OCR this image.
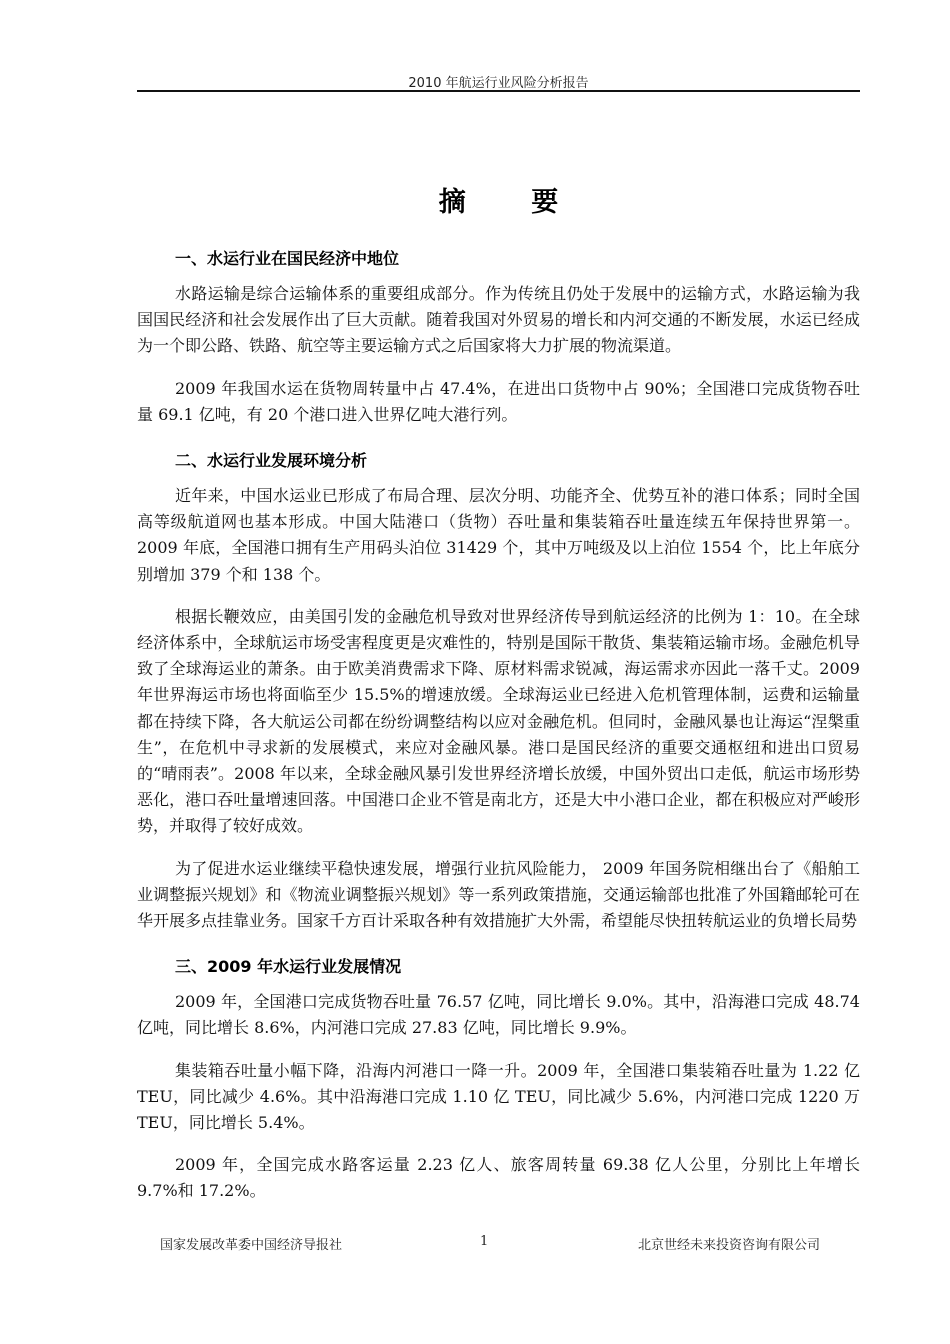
2010 年航运行业风险分析报告
摘 要
一、水运行业在国民经济中地位

水路运输是综合运输体系的重要组成部分。作为传统且仍处于发展中的运输方式，水路运输为我国国民经济和社会发展作出了巨大贡献。随着我国对外贸易的增长和内河交通的不断发展，水运已经成为一个即公路、铁路、航空等主要运输方式之后国家将大力扩展的物流渠道。

2009 年我国水运在货物周转量中占 47.4%，在进出口货物中占 90%；全国港口完成货物吞吐量 69.1 亿吨，有 20 个港口进入世界亿吨大港行列。

二、水运行业发展环境分析

近年来，中国水运业已形成了布局合理、层次分明、功能齐全、优势互补的港口体系；同时全国高等级航道网也基本形成。中国大陆港口（货物）吞吐量和集装箱吞吐量连续五年保持世界第一。2009 年底，全国港口拥有生产用码头泊位 31429 个，其中万吨级及以上泊位 1554 个，比上年底分别增加 379 个和 138 个。

根据长鞭效应，由美国引发的金融危机导致对世界经济传导到航运经济的比例为 1：10。在全球经济体系中，全球航运市场受害程度更是灾难性的，特别是国际干散货、集装箱运输市场。金融危机导致了全球海运业的萧条。由于欧美消费需求下降、原材料需求锐减，海运需求亦因此一落千丈。2009 年世界海运市场也将面临至少 15.5%的增速放缓。全球海运业已经进入危机管理体制，运费和运输量都在持续下降，各大航运公司都在纷纷调整结构以应对金融危机。但同时，金融风暴也让海运“涅槃重生”，在危机中寻求新的发展模式，来应对金融风暴。港口是国民经济的重要交通枢纽和进出口贸易的“晴雨表”。2008 年以来，全球金融风暴引发世界经济增长放缓，中国外贸出口走低，航运市场形势恶化，港口吞吐量增速回落。中国港口企业不管是南北方，还是大中小港口企业，都在积极应对严峻形势，并取得了较好成效。

为了促进水运业继续平稳快速发展，增强行业抗风险能力， 2009 年国务院相继出台了《船舶工业调整振兴规划》和《物流业调整振兴规划》等一系列政策措施，交通运输部也批准了外国籍邮轮可在华开展多点挂靠业务。国家千方百计采取各种有效措施扩大外需，希望能尽快扭转航运业的负增长局势

三、2009 年水运行业发展情况

2009 年，全国港口完成货物吞吐量 76.57 亿吨，同比增长 9.0%。其中，沿海港口完成 48.74 亿吨，同比增长 8.6%，内河港口完成 27.83 亿吨，同比增长 9.9%。

集装箱吞吐量小幅下降，沿海内河港口一降一升。2009 年，全国港口集装箱吞吐量为 1.22 亿 TEU，同比减少 4.6%。其中沿海港口完成 1.10 亿 TEU，同比减少 5.6%，内河港口完成 1220 万 TEU，同比增长 5.4%。

2009 年，全国完成水路客运量 2.23 亿人、旅客周转量 69.38 亿人公里，分别比上年增长 9.7%和 17.2%。

国家发展改革委中国经济导报社	1	北京世经未来投资咨询有限公司
